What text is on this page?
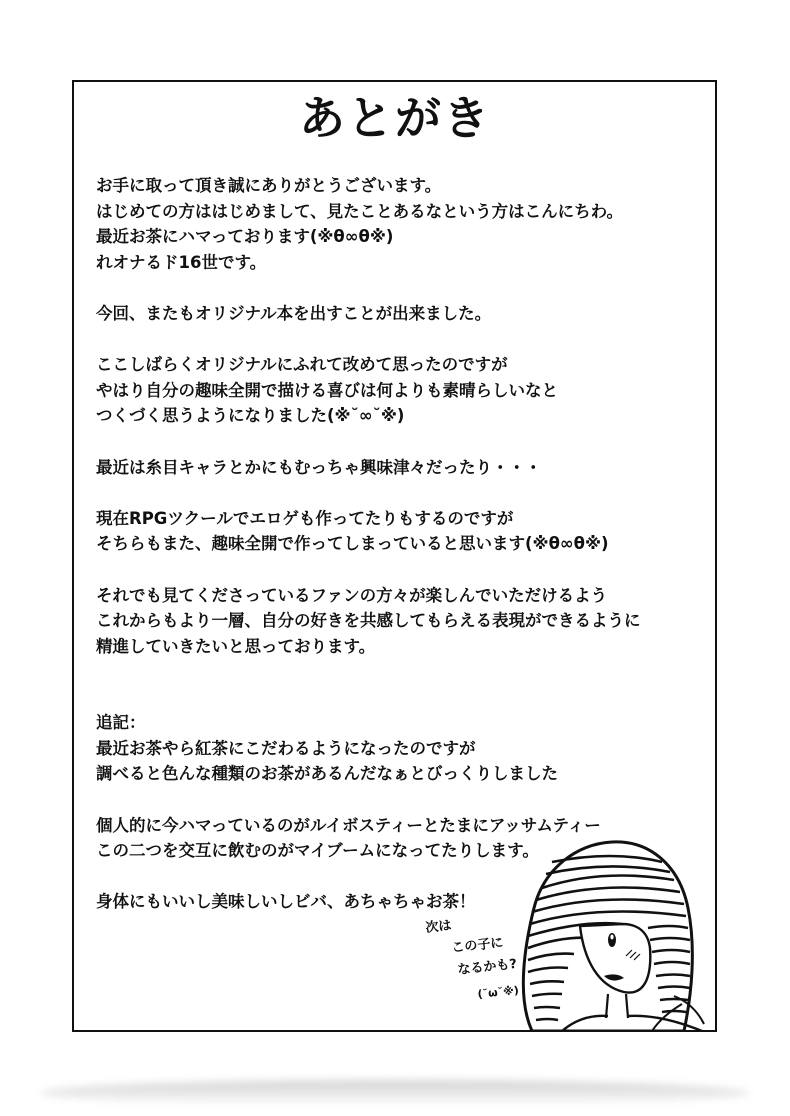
あとがき
お手に取って頂き誠にありがとうございます。
はじめての方ははじめまして、見たことあるなという方はこんにちわ。
最近お茶にハマっております(※θ∞θ※)
れオナるド16世です。
今回、またもオリジナル本を出すことが出来ました。
ここしばらくオリジナルにふれて改めて思ったのですが
やはり自分の趣味全開で描ける喜びは何よりも素晴らしいなと
つくづく思うようになりました(※˘∞˘※)
最近は糸目キャラとかにもむっちゃ興味津々だったり・・・
現在RPGツクールでエロゲも作ってたりもするのですが
そちらもまた、趣味全開で作ってしまっていると思います(※θ∞θ※)
それでも見てくださっているファンの方々が楽しんでいただけるよう
これからもより一層、自分の好きを共感してもらえる表現ができるように
精進していきたいと思っております。
追記：
最近お茶やら紅茶にこだわるようになったのですが
調べると色んな種類のお茶があるんだなぁとびっくりしました
個人的に今ハマっているのがルイボスティーとたまにアッサムティー
この二つを交互に飲むのがマイブームになってたりします。
身体にもいいし美味しいしビバ、あちゃちゃお茶！
次は
この子に
なるかも?
(˘ω˘※)
